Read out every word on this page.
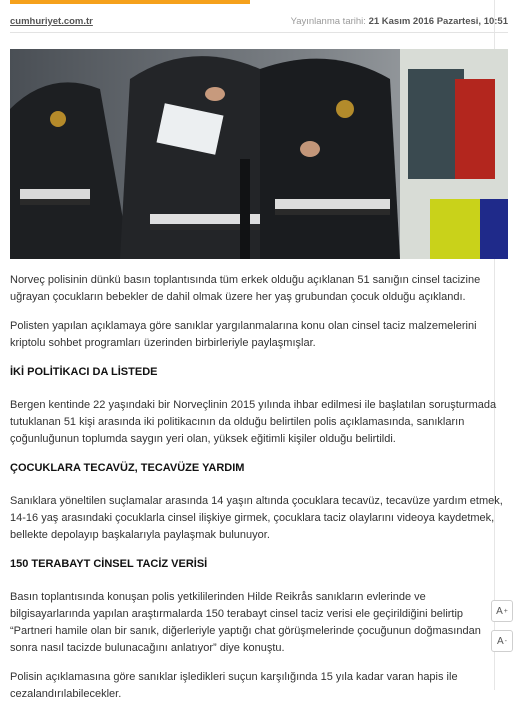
cumhuriyet.com.tr	Yayınlanma tarihi: 21 Kasım 2016 Pazartesi, 10:51

Norveç polisinin dünkü basın toplantısında tüm erkek olduğu açıklanan 51 sanığın cinsel tacizine uğrayan çocukların bebekler de dahil olmak üzere her yaş grubundan çocuk olduğu açıklandı.

Polisten yapılan açıklamaya göre sanıklar yargılanmalarına konu olan cinsel taciz malzemelerini kriptolu sohbet programları üzerinden birbirleriyle paylaşmışlar.

İKİ POLİTİKACI DA LİSTEDE

Bergen kentinde 22 yaşındaki bir Norveçlinin 2015 yılında ihbar edilmesi ile başlatılan soruşturmada tutuklanan 51 kişi arasında iki politikacının da olduğu belirtilen polis açıklamasında, sanıkların çoğunluğunun toplumda saygın yeri olan, yüksek eğitimli kişiler olduğu belirtildi.

ÇOCUKLARA TECAVÜZ, TECAVÜZE YARDIM

Sanıklara yöneltilen suçlamalar arasında 14 yaşın altında çocuklara tecavüz, tecavüze yardım etmek, 14-16 yaş arasındaki çocuklarla cinsel ilişkiye girmek, çocuklara taciz olaylarını videoya kaydetmek, bellekte depolayıp başkalarıyla paylaşmak bulunuyor.

150 TERABAYT CİNSEL TACİZ VERİSİ

Basın toplantısında konuşan polis yetkililerinden Hilde Reikrås sanıkların evlerinde ve bilgisayarlarında yapılan araştırmalarda 150 terabayt cinsel taciz verisi ele geçirildiğini belirtip “Partneri hamile olan bir sanık, diğerleriyle yaptığı chat görüşmelerinde çocuğunun doğmasından sonra nasıl tacizde bulunacağını anlatıyor” diye konuştu.

Polisin açıklamasına göre sanıklar işledikleri suçun karşılığında 15 yıla kadar varan hapis ile cezalandırılabilecekler.

A +
A -
